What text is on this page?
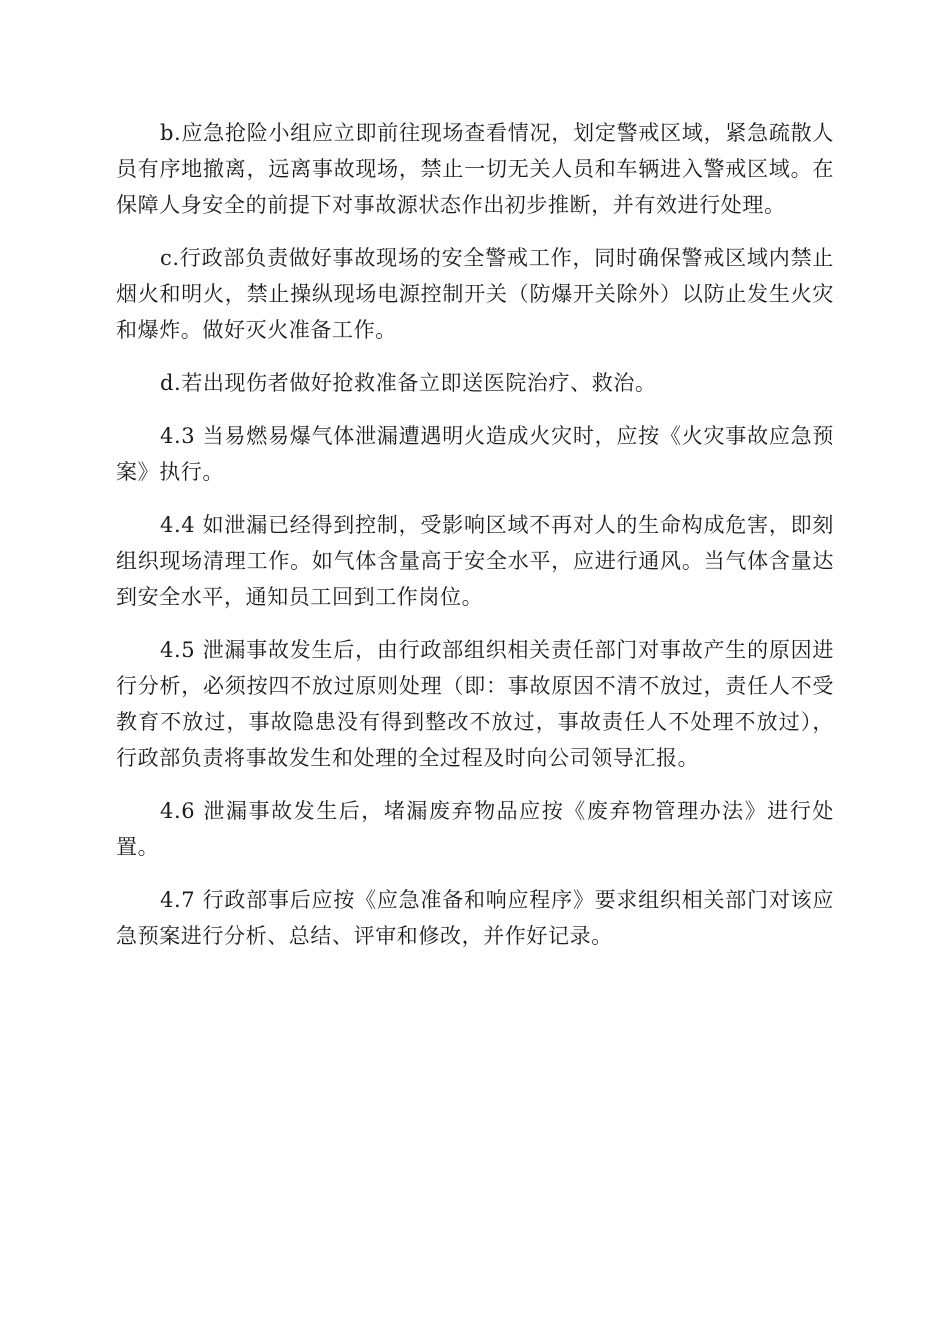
b.应急抢险小组应立即前往现场查看情况，划定警戒区域，紧急疏散人员有序地撤离，远离事故现场，禁止一切无关人员和车辆进入警戒区域。在保障人身安全的前提下对事故源状态作出初步推断，并有效进行处理。

c.行政部负责做好事故现场的安全警戒工作，同时确保警戒区域内禁止烟火和明火，禁止操纵现场电源控制开关（防爆开关除外）以防止发生火灾和爆炸。做好灭火准备工作。

d.若出现伤者做好抢救准备立即送医院治疗、救治。

4.3 当易燃易爆气体泄漏遭遇明火造成火灾时，应按《火灾事故应急预案》执行。

4.4 如泄漏已经得到控制，受影响区域不再对人的生命构成危害，即刻组织现场清理工作。如气体含量高于安全水平，应进行通风。当气体含量达到安全水平，通知员工回到工作岗位。

4.5 泄漏事故发生后，由行政部组织相关责任部门对事故产生的原因进行分析，必须按四不放过原则处理（即：事故原因不清不放过，责任人不受教育不放过，事故隐患没有得到整改不放过，事故责任人不处理不放过），行政部负责将事故发生和处理的全过程及时向公司领导汇报。

4.6 泄漏事故发生后，堵漏废弃物品应按《废弃物管理办法》进行处置。

4.7 行政部事后应按《应急准备和响应程序》要求组织相关部门对该应急预案进行分析、总结、评审和修改，并作好记录。
